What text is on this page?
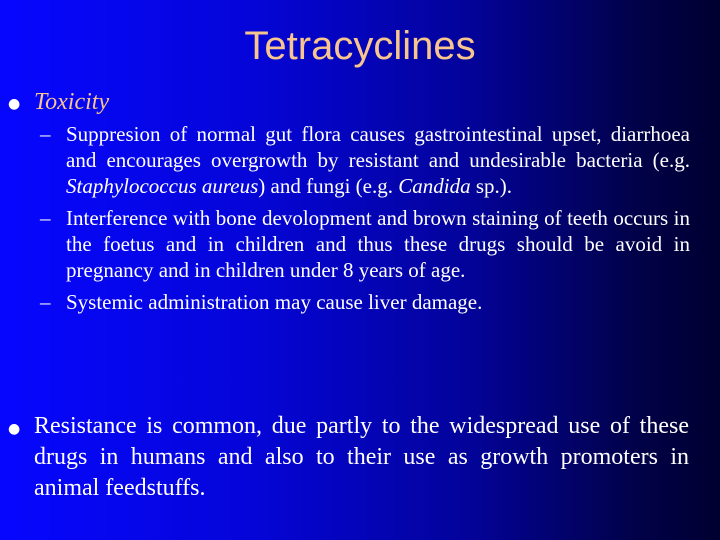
Tetracyclines
● Toxicity
– Suppresion of normal gut flora causes gastrointestinal upset, diarrhoea and encourages overgrowth by resistant and undesirable bacteria (e.g. Staphylococcus aureus) and fungi (e.g. Candida sp.).
– Interference with bone devolopment and brown staining of teeth occurs in the foetus and in children and thus these drugs should be avoid in pregnancy and in children under 8 years of age.
– Systemic administration may cause liver damage.
● Resistance is common, due partly to the widespread use of these drugs in humans and also to their use as growth promoters in animal feedstuffs.
